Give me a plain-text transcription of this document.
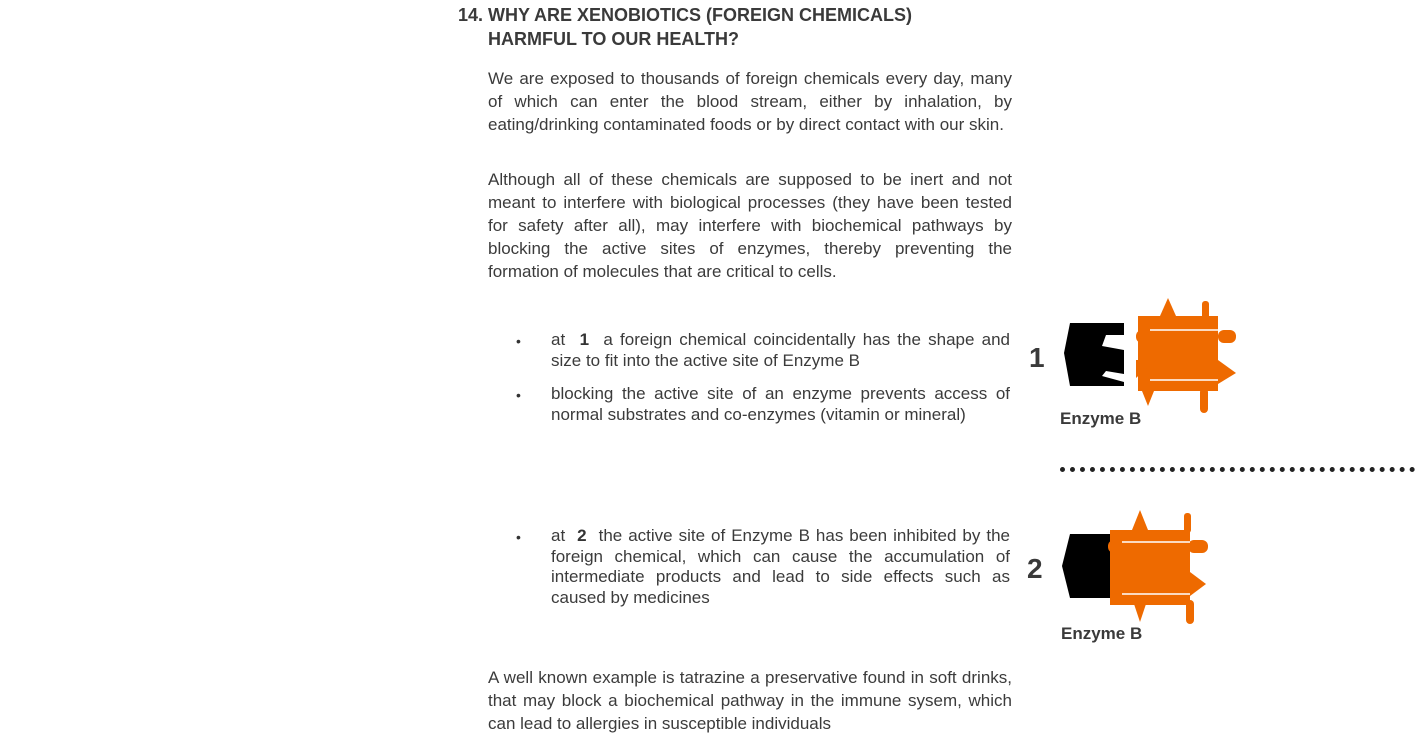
14. WHY ARE XENOBIOTICS (FOREIGN CHEMICALS)
HARMFUL TO OUR HEALTH?
We are exposed to thousands of foreign chemicals every day, many of which can enter the blood stream, either by inhalation, by eating/drinking contaminated foods or by direct contact with our skin.
Although all of these chemicals are supposed to be inert and not meant to interfere with biological processes (they have been tested for safety after all), may interfere with biochemical pathways by blocking the active sites of enzymes, thereby preventing the formation of molecules that are critical to cells.
• at 1 a foreign chemical coincidentally has the shape and size to fit into the active site of Enzyme B
• blocking the active site of an enzyme prevents access of normal substrates and co-enzymes (vitamin or mineral)
• at 2 the active site of Enzyme B has been inhibited by the foreign chemical, which can cause the accumulation of intermediate products and lead to side effects such as caused by medicines
A well known example is tatrazine a preservative found in soft drinks, that may block a biochemical pathway in the immune sysem, which can lead to allergies in susceptible individuals
1
Enzyme B
2
Enzyme B
